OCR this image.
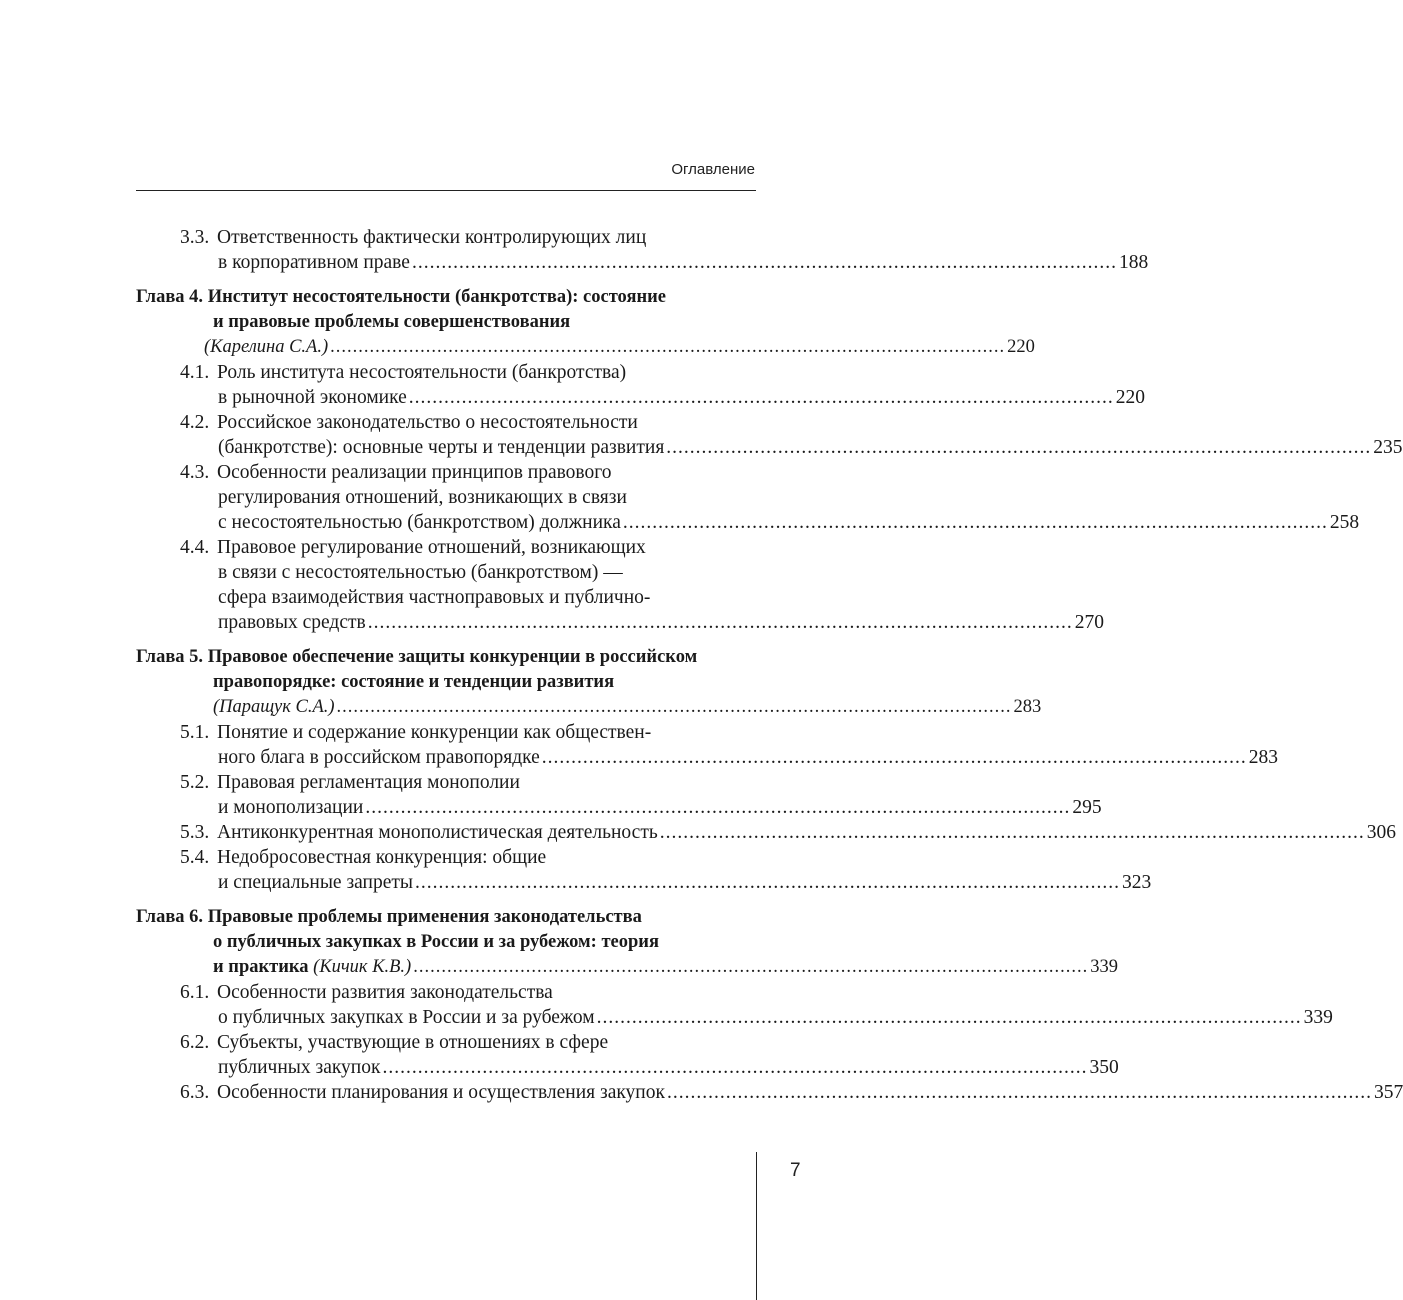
Оглавление
3.3. Ответственность фактически контролирующих лиц
в корпоративном праве ........................................................................................................................ 188
Глава 4. Институт несостоятельности (банкротства): состояние
и правовые проблемы совершенствования
(Карелина С.А.) ........................................................................................................................ 220
4.1. Роль института несостоятельности (банкротства)
в рыночной экономике ........................................................................................................................ 220
4.2. Российское законодательство о несостоятельности
(банкротстве): основные черты и тенденции развития ........................................................................................................................ 235
4.3. Особенности реализации принципов правового
регулирования отношений, возникающих в связи
с несостоятельностью (банкротством) должника ........................................................................................................................ 258
4.4. Правовое регулирование отношений, возникающих
в связи с несостоятельностью (банкротством) —
сфера взаимодействия частноправовых и публично-
правовых средств ........................................................................................................................ 270
Глава 5. Правовое обеспечение защиты конкуренции в российском
правопорядке: состояние и тенденции развития
(Паращук С.А.) ........................................................................................................................ 283
5.1. Понятие и содержание конкуренции как обществен-
ного блага в российском правопорядке ........................................................................................................................ 283
5.2. Правовая регламентация монополии
и монополизации ........................................................................................................................ 295
5.3. Антиконкурентная монополистическая деятельность ........................................................................................................................ 306
5.4. Недобросовестная конкуренция: общие
и специальные запреты ........................................................................................................................ 323
Глава 6. Правовые проблемы применения законодательства
о публичных закупках в России и за рубежом: теория
и практика (Кичик К.В.) ........................................................................................................................ 339
6.1. Особенности развития законодательства
о публичных закупках в России и за рубежом ........................................................................................................................ 339
6.2. Субъекты, участвующие в отношениях в сфере
публичных закупок ........................................................................................................................ 350
6.3. Особенности планирования и осуществления закупок ........................................................................................................................ 357
7
